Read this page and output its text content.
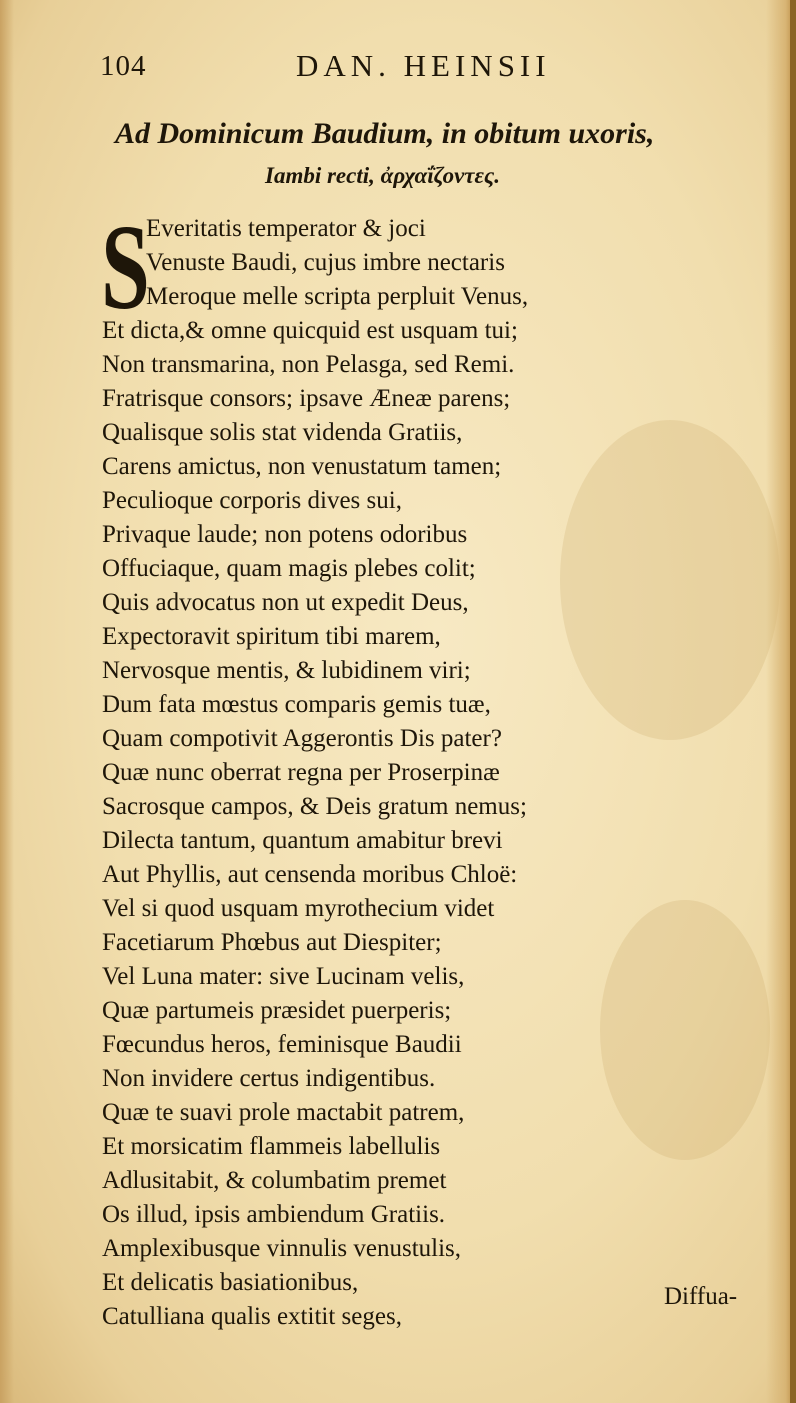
104	DAN. HEINSII
Ad Dominicum Baudium, in obitum uxoris,
Iambi recti, ἀρχαΐζοντες.
S
Everitatis temperator & joci
Venuste Baudi, cujus imbre nectaris
Meroque melle scripta perpluit Venus,
Et dicta,& omne quicquid est usquam tui;
Non transmarina, non Pelasga, sed Remi.
Fratrisque consors; ipsave Æneæ parens;
Qualisque solis stat videnda Gratiis,
Carens amictus, non venustatum tamen;
Peculioque corporis dives sui,
Privaque laude; non potens odoribus
Offuciaque, quam magis plebes colit;
Quis advocatus non ut expedit Deus,
Expectoravit spiritum tibi marem,
Nervosque mentis, & lubidinem viri;
Dum fata mœstus comparis gemis tuæ,
Quam compotivit Aggerontis Dis pater?
Quæ nunc oberrat regna per Proserpinæ
Sacrosque campos, & Deis gratum nemus;
Dilecta tantum, quantum amabitur brevi
Aut Phyllis, aut censenda moribus Chloë:
Vel si quod usquam myrothecium videt
Facetiarum Phœbus aut Diespiter;
Vel Luna mater: sive Lucinam velis,
Quæ partumeis præsidet puerperis;
Fœcundus heros, feminisque Baudii
Non invidere certus indigentibus.
Quæ te suavi prole mactabit patrem,
Et morsicatim flammeis labellulis
Adlusitabit, & columbatim premet
Os illud, ipsis ambiendum Gratiis.
Amplexibusque vinnulis venustulis,
Et delicatis basiationibus,
Catulliana qualis extitit seges,
Diffua-
